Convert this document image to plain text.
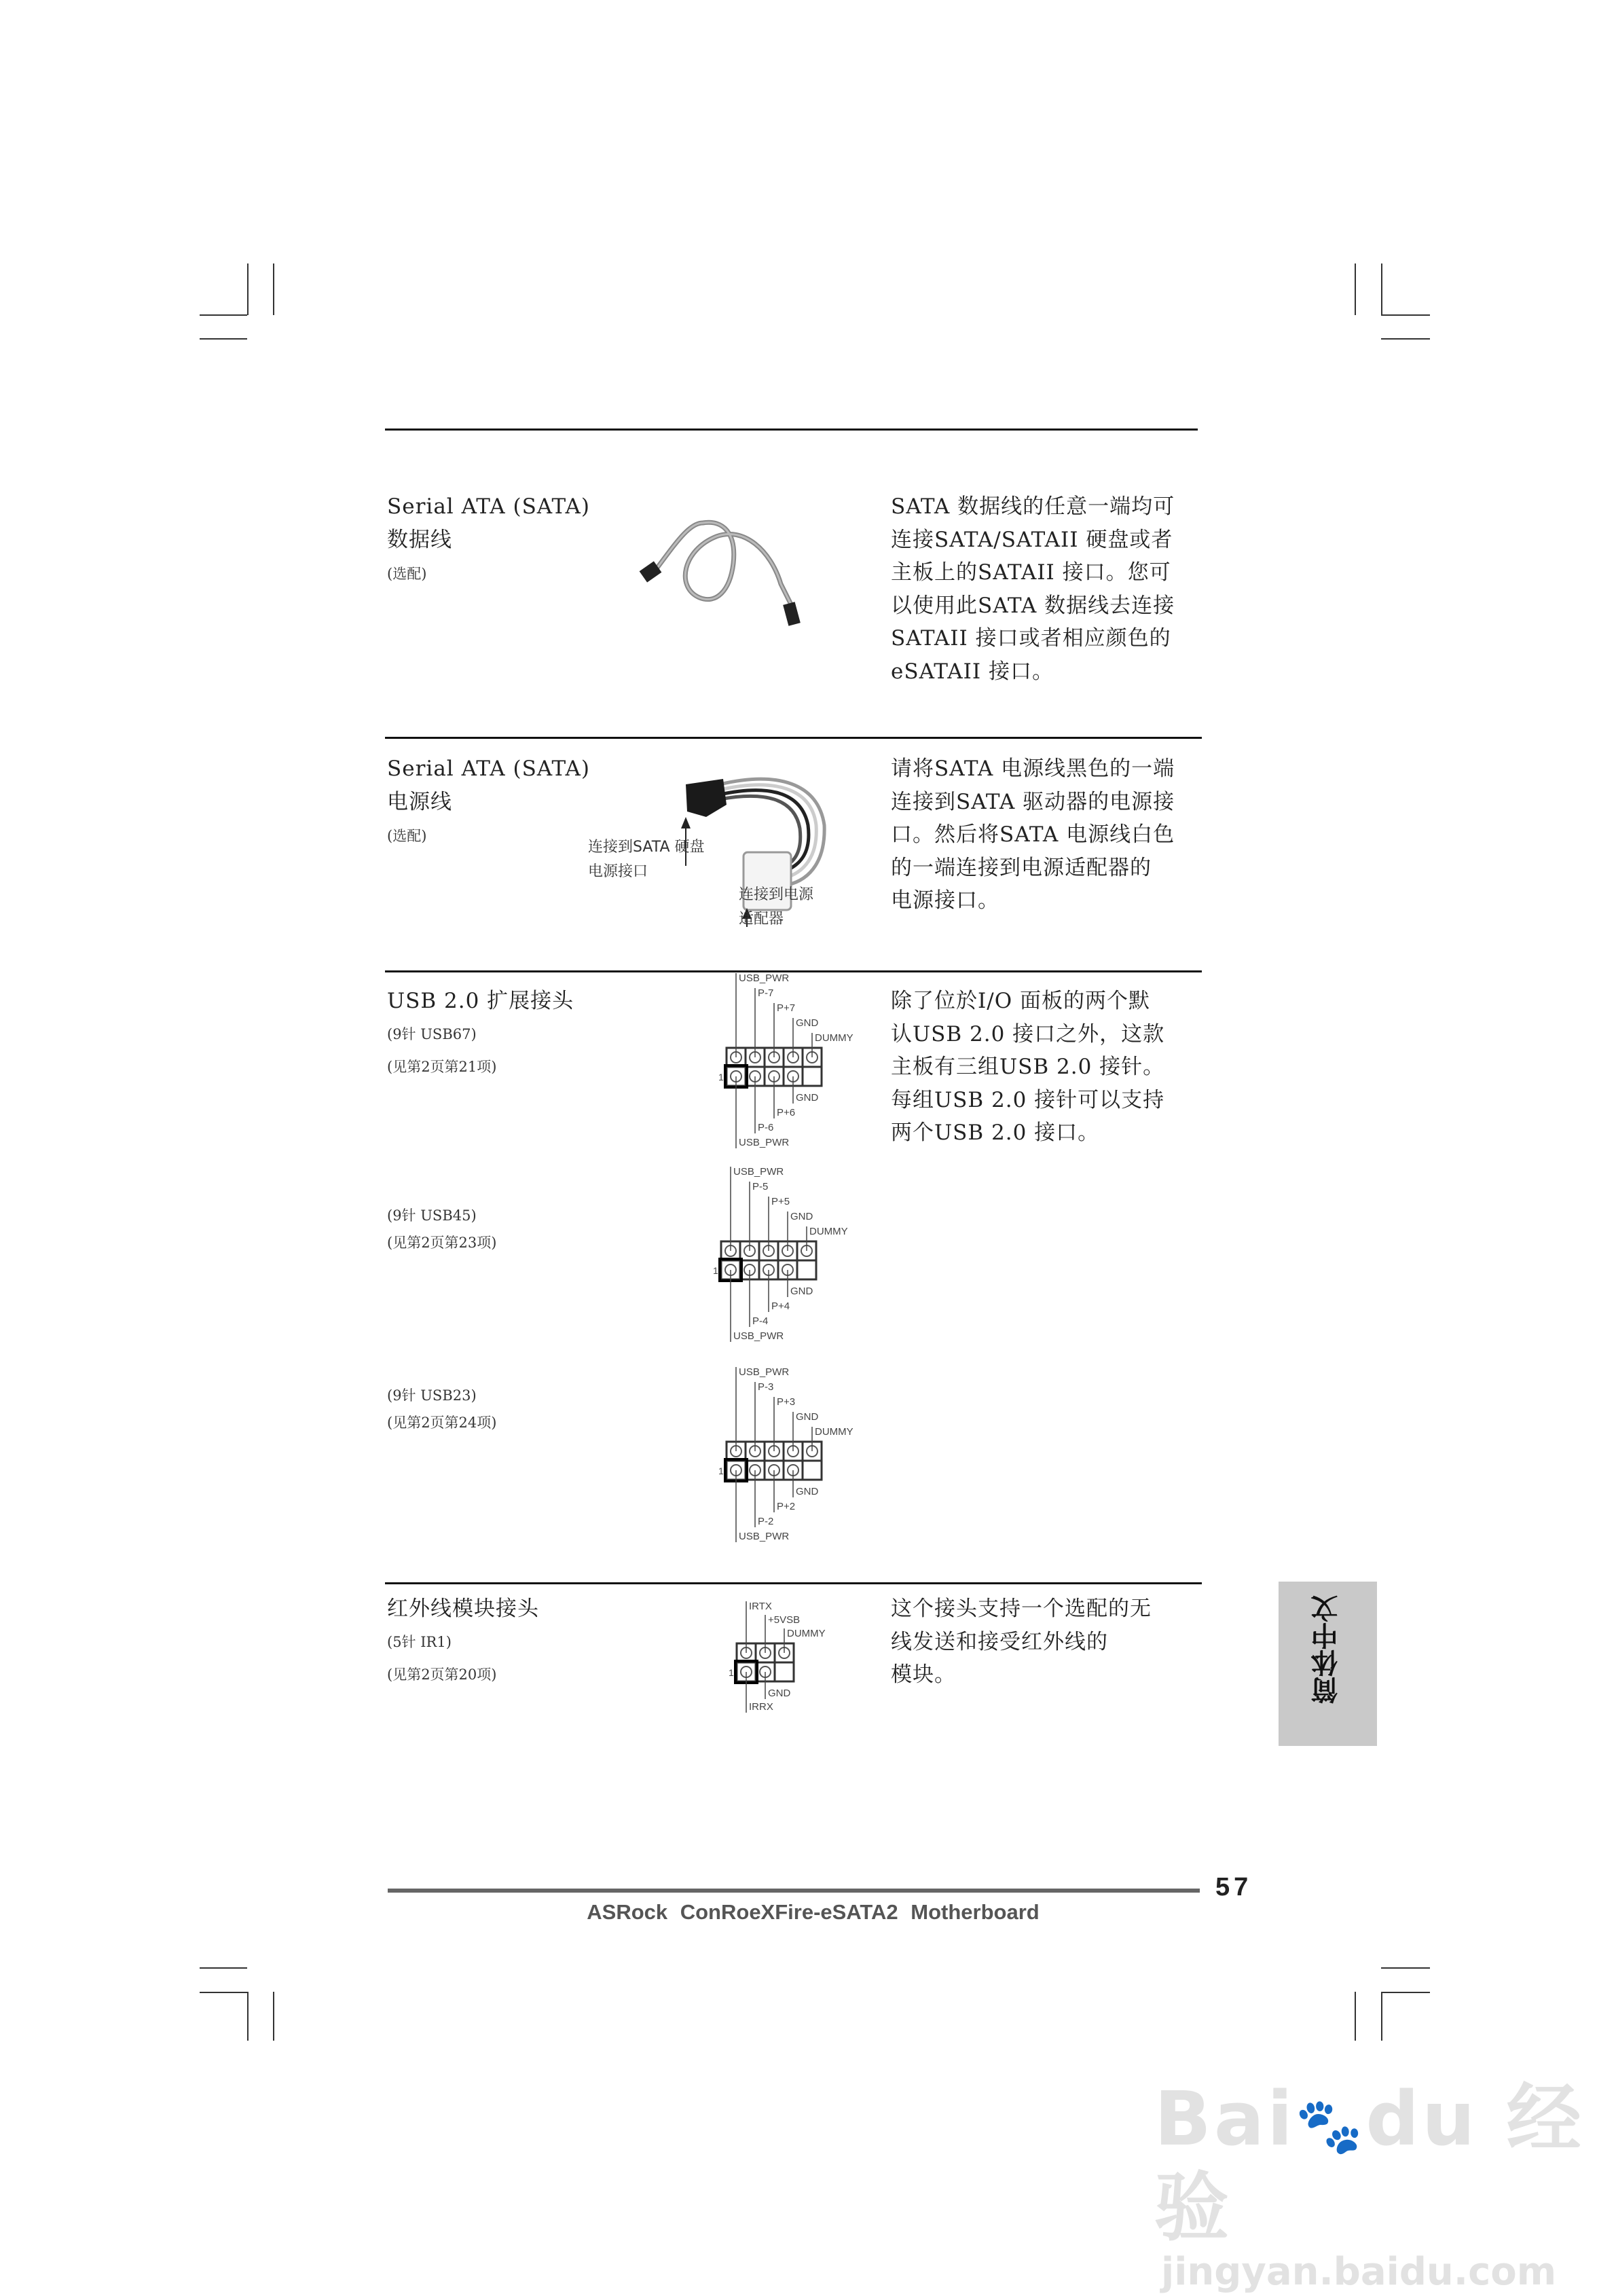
Serial ATA (SATA)
数据线
(选配)
SATA 数据线的任意一端均可
连接SATA/SATAII 硬盘或者
主板上的SATAII 接口。您可
以使用此SATA 数据线去连接
SATAII 接口或者相应颜色的
eSATAII 接口。
Serial ATA (SATA)
电源线
(选配)
连接到SATA 硬盘
电源接口
连接到电源
适配器
请将SATA 电源线黑色的一端
连接到SATA 驱动器的电源接
口。然后将SATA 电源线白色
的一端连接到电源适配器的
电源接口。
USB 2.0 扩展接头
(9针 USB67)
(见第2页第21项)
(9针 USB45)
(见第2页第23项)
(9针 USB23)
(见第2页第24项)
1
USB_PWR
P-7
P+7
GND
DUMMY
USB_PWR
P-6
P+6
GND
1
USB_PWR
P-5
P+5
GND
DUMMY
USB_PWR
P-4
P+4
GND
1
USB_PWR
P-3
P+3
GND
DUMMY
USB_PWR
P-2
P+2
GND
除了位於I/O 面板的两个默
认USB 2.0 接口之外，这款
主板有三组USB 2.0 接针。
每组USB 2.0 接针可以支持
两个USB 2.0 接口。
红外线模块接头
(5针 IR1)
(见第2页第20项)	1
IRTX
+5VSB
DUMMY
IRRX
GND
这个接头支持一个选配的无
线发送和接受红外线的
模块。	简体中文
57
ASRock ConRoeXFire-eSATA2 Motherboard
Bai🐾du 经验
jingyan.baidu.com
